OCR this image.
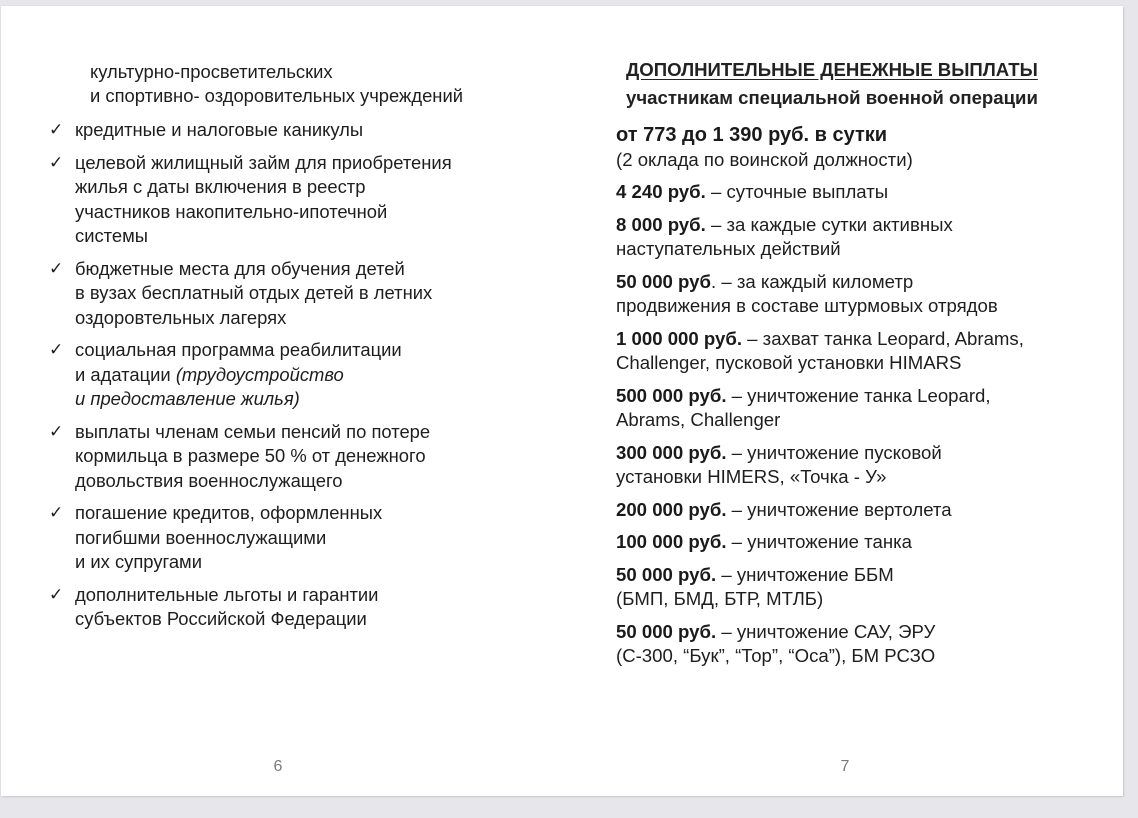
культурно-просветительских
и спортивно- оздоровительных учреждений
✓ кредитные и налоговые каникулы
✓ целевой жилищный займ для приобретения
жилья с даты включения в реестр
участников накопительно-ипотечной
системы
✓ бюджетные места для обучения детей
в вузах бесплатный отдых детей в летних
оздоровтельных лагерях
✓ социальная программа реабилитации
и адатации (трудоустройство
и предоставление жилья)
✓ выплаты членам семьи пенсий по потере
кормильца в размере 50 % от денежного
довольствия военнослужащего
✓ погашение кредитов, оформленных
погибшми военнослужащими
и их супругами
✓ дополнительные льготы и гарантии
субъектов Российской Федерации
6
ДОПОЛНИТЕЛЬНЫЕ ДЕНЕЖНЫЕ ВЫПЛАТЫ
участникам специальной военной операции
от 773 до 1 390 руб. в сутки
(2 оклада по воинской должности)
4 240 руб. – суточные выплаты
8 000 руб. – за каждые сутки активных
наступательных действий
50 000 руб. – за каждый километр
продвижения в составе штурмовых отрядов
1 000 000 руб. – захват танка Leopard, Abrams,
Challenger, пусковой установки HIMARS
500 000 руб. – уничтожение танка Leopard,
Abrams, Challenger
300 000 руб. – уничтожение пусковой
установки HIMERS, «Точка - У»
200 000 руб. – уничтожение вертолета
100 000 руб. – уничтожение танка
50 000 руб. – уничтожение ББМ
(БМП, БМД, БТР, МТЛБ)
50 000 руб. – уничтожение САУ, ЭРУ
(С-300, “Бук”, “Тор”, “Оса”), БМ РСЗО
7
